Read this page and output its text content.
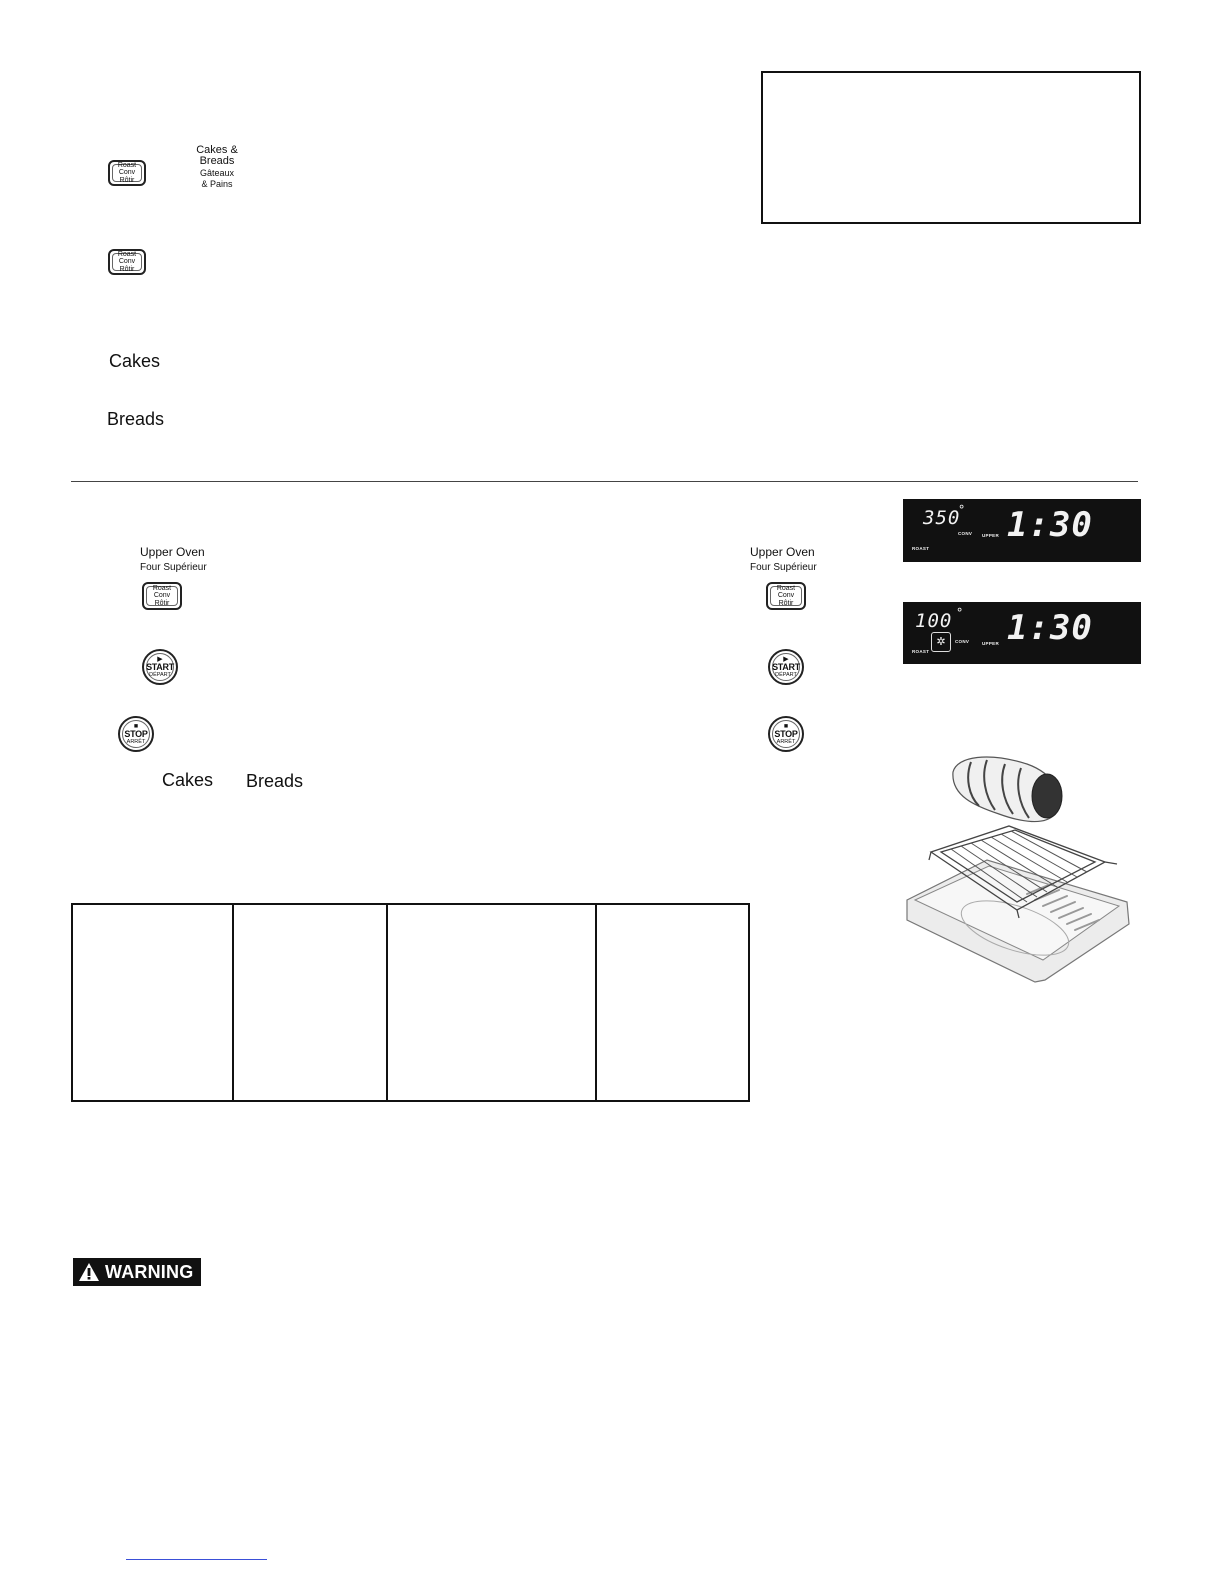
Roast
Conv
Rôtir
Cakes &
Breads
Gâteaux
& Pains
Roast
Conv
Rôtir
Cakes
Breads
Upper Oven
Four Supérieur
Roast
Conv
Rôtir
▶
START
DÉPART
■
STOP
ARRÊT
Cakes Breads
Upper Oven
Four Supérieur
Roast
Conv
Rôtir
▶
START
DÉPART
■
STOP
ARRÊT
350
° 1:30
ROAST
CONV UPPER
100 °
✲ 1:30
ROAST
CONV	UPPER
WARNING
